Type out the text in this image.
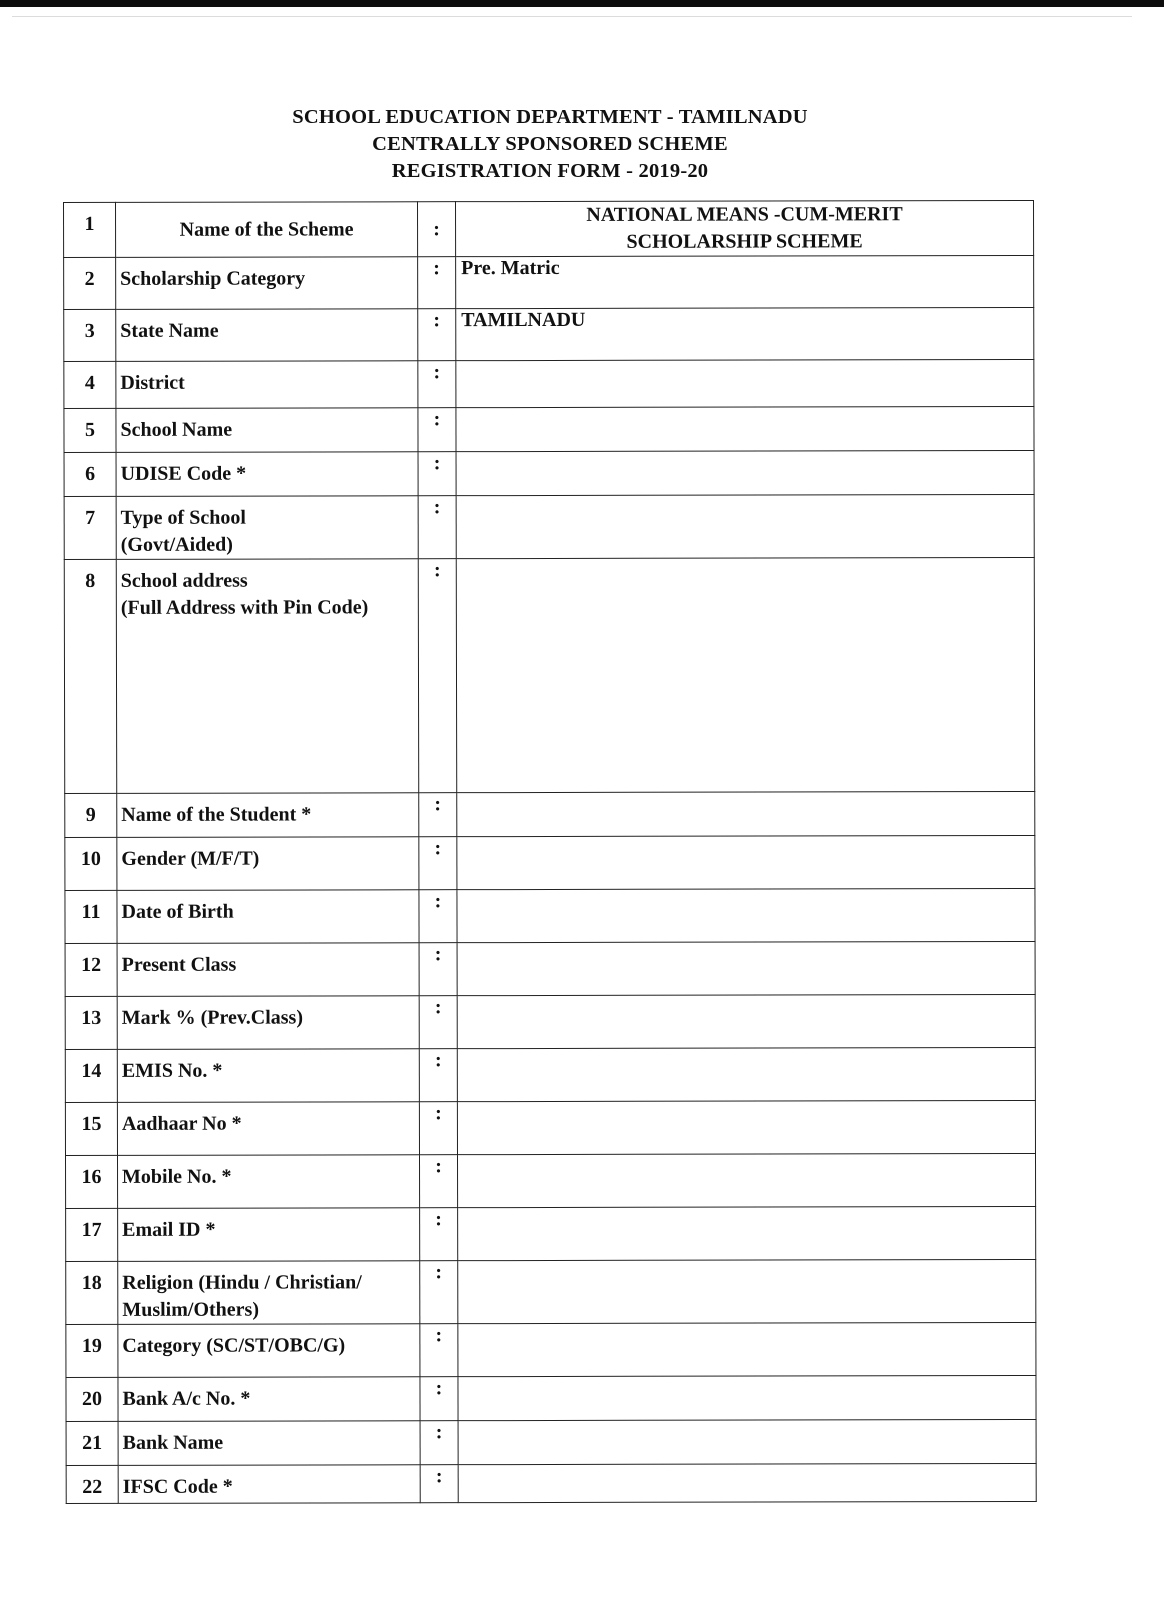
SCHOOL EDUCATION DEPARTMENT - TAMILNADU
CENTRALLY SPONSORED SCHEME
REGISTRATION FORM - 2019-20
1	Name of the Scheme	:	NATIONAL MEANS -CUM-MERIT
SCHOLARSHIP SCHEME

2	Scholarship Category	:	Pre. Matric
3	State Name	:	TAMILNADU
4	District	:	
5	School Name	:	
6	UDISE Code *	:	
7	Type of School
(Govt/Aided)	:	
8	School address
(Full Address with Pin Code)	:	
9	Name of the Student *	:	
10	Gender (M/F/T)	:	
11	Date of Birth	:	
12	Present Class	:	
13	Mark % (Prev.Class)	:	
14	EMIS No. *	:	
15	Aadhaar No *	:	
16	Mobile No. *	:	
17	Email ID *	:	
18	Religion (Hindu / Christian/
Muslim/Others)	:	
19	Category (SC/ST/OBC/G)	:	
20	Bank A/c No. *	:	
21	Bank Name	:	
22	IFSC Code *	:	
